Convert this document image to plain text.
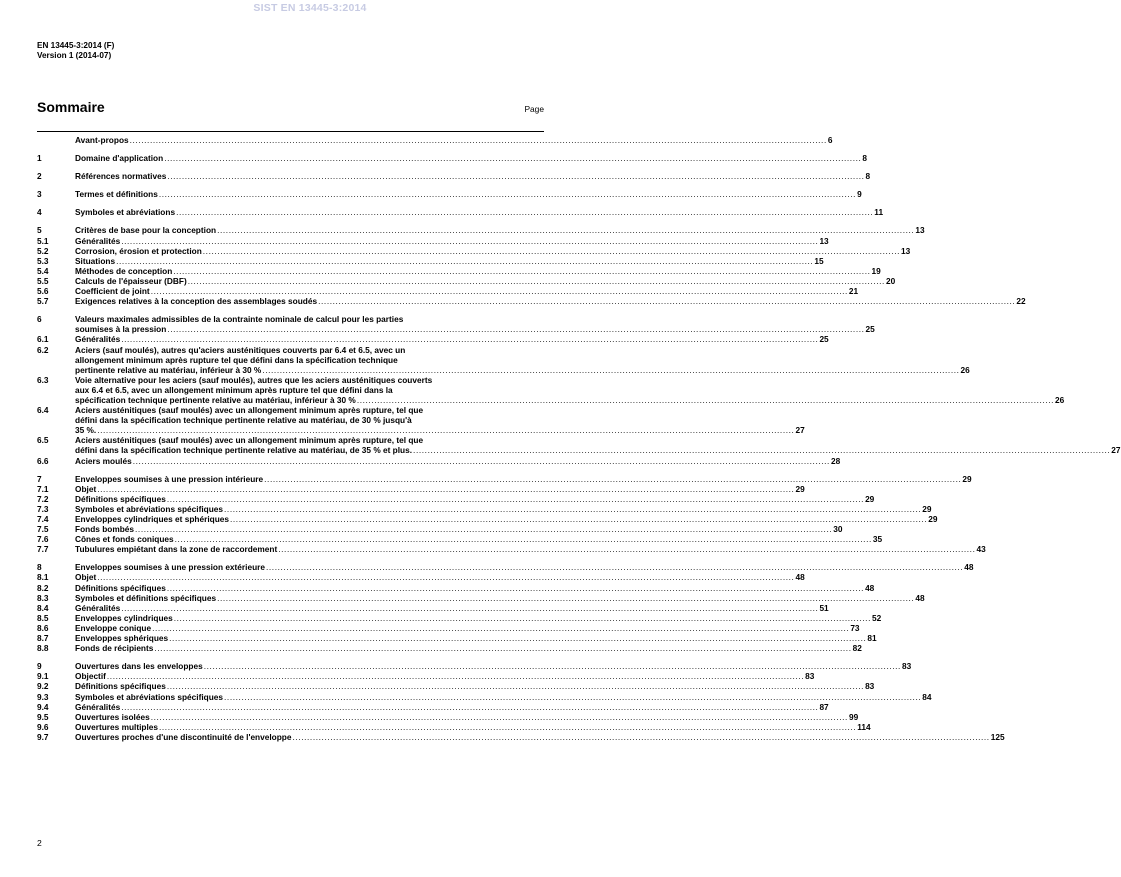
SIST EN 13445-3:2014
EN 13445-3:2014 (F)
Version 1 (2014-07)
Sommaire	Page
Avant-propos ................................................................................................................................................................................................................................................ 6
1	Domaine d'application ................................................................................................................................................................................................................................................ 8
2	Références normatives ................................................................................................................................................................................................................................................ 8
3	Termes et définitions ................................................................................................................................................................................................................................................ 9
4	Symboles et abréviations ................................................................................................................................................................................................................................................ 11
5	Critères de base pour la conception ................................................................................................................................................................................................................................................ 13
5.1	Généralités ................................................................................................................................................................................................................................................ 13
5.2	Corrosion, érosion et protection ................................................................................................................................................................................................................................................ 13
5.3	Situations ................................................................................................................................................................................................................................................ 15
5.4	Méthodes de conception ................................................................................................................................................................................................................................................ 19
5.5	Calculs de l'épaisseur (DBF) ................................................................................................................................................................................................................................................ 20
5.6	Coefficient de joint ................................................................................................................................................................................................................................................ 21
5.7	Exigences relatives à la conception des assemblages soudés ................................................................................................................................................................................................................................................ 22
6	Valeurs maximales admissibles de la contrainte nominale de calcul pour les parties
soumises à la pression ................................................................................................................................................................................................................................................ 25
6.1	Généralités ................................................................................................................................................................................................................................................ 25
6.2	Aciers (sauf moulés), autres qu'aciers austénitiques couverts par 6.4 et 6.5, avec un
allongement minimum après rupture tel que défini dans la spécification technique
pertinente relative au matériau, inférieur à 30 % ................................................................................................................................................................................................................................................ 26
6.3	Voie alternative pour les aciers (sauf moulés), autres que les aciers austénitiques couverts
aux 6.4 et 6.5, avec un allongement minimum après rupture tel que défini dans la
spécification technique pertinente relative au matériau, inférieur à 30 % ................................................................................................................................................................................................................................................ 26
6.4	Aciers austénitiques (sauf moulés) avec un allongement minimum après rupture, tel que
défini dans la spécification technique pertinente relative au matériau, de 30 % jusqu'à
35 %. ................................................................................................................................................................................................................................................ 27
6.5	Aciers austénitiques (sauf moulés) avec un allongement minimum après rupture, tel que
défini dans la spécification technique pertinente relative au matériau, de 35 % et plus. ................................................................................................................................................................................................................................................ 27
6.6	Aciers moulés ................................................................................................................................................................................................................................................ 28
7	Enveloppes soumises à une pression intérieure ................................................................................................................................................................................................................................................ 29
7.1	Objet ................................................................................................................................................................................................................................................ 29
7.2	Définitions spécifiques ................................................................................................................................................................................................................................................ 29
7.3	Symboles et abréviations spécifiques ................................................................................................................................................................................................................................................ 29
7.4	Enveloppes cylindriques et sphériques ................................................................................................................................................................................................................................................ 29
7.5	Fonds bombés ................................................................................................................................................................................................................................................ 30
7.6	Cônes et fonds coniques ................................................................................................................................................................................................................................................ 35
7.7	Tubulures empiétant dans la zone de raccordement ................................................................................................................................................................................................................................................ 43
8	Enveloppes soumises à une pression extérieure ................................................................................................................................................................................................................................................ 48
8.1	Objet ................................................................................................................................................................................................................................................ 48
8.2	Définitions spécifiques ................................................................................................................................................................................................................................................ 48
8.3	Symboles et définitions spécifiques ................................................................................................................................................................................................................................................ 48
8.4	Généralités ................................................................................................................................................................................................................................................ 51
8.5	Enveloppes cylindriques ................................................................................................................................................................................................................................................ 52
8.6	Enveloppe conique ................................................................................................................................................................................................................................................ 73
8.7	Enveloppes sphériques ................................................................................................................................................................................................................................................ 81
8.8	Fonds de récipients ................................................................................................................................................................................................................................................ 82
9	Ouvertures dans les enveloppes ................................................................................................................................................................................................................................................ 83
9.1	Objectif ................................................................................................................................................................................................................................................ 83
9.2	Définitions spécifiques ................................................................................................................................................................................................................................................ 83
9.3	Symboles et abréviations spécifiques ................................................................................................................................................................................................................................................ 84
9.4	Généralités ................................................................................................................................................................................................................................................ 87
9.5	Ouvertures isolées ................................................................................................................................................................................................................................................ 99
9.6	Ouvertures multiples ................................................................................................................................................................................................................................................ 114
9.7	Ouvertures proches d'une discontinuité de l'enveloppe ................................................................................................................................................................................................................................................ 125
2
